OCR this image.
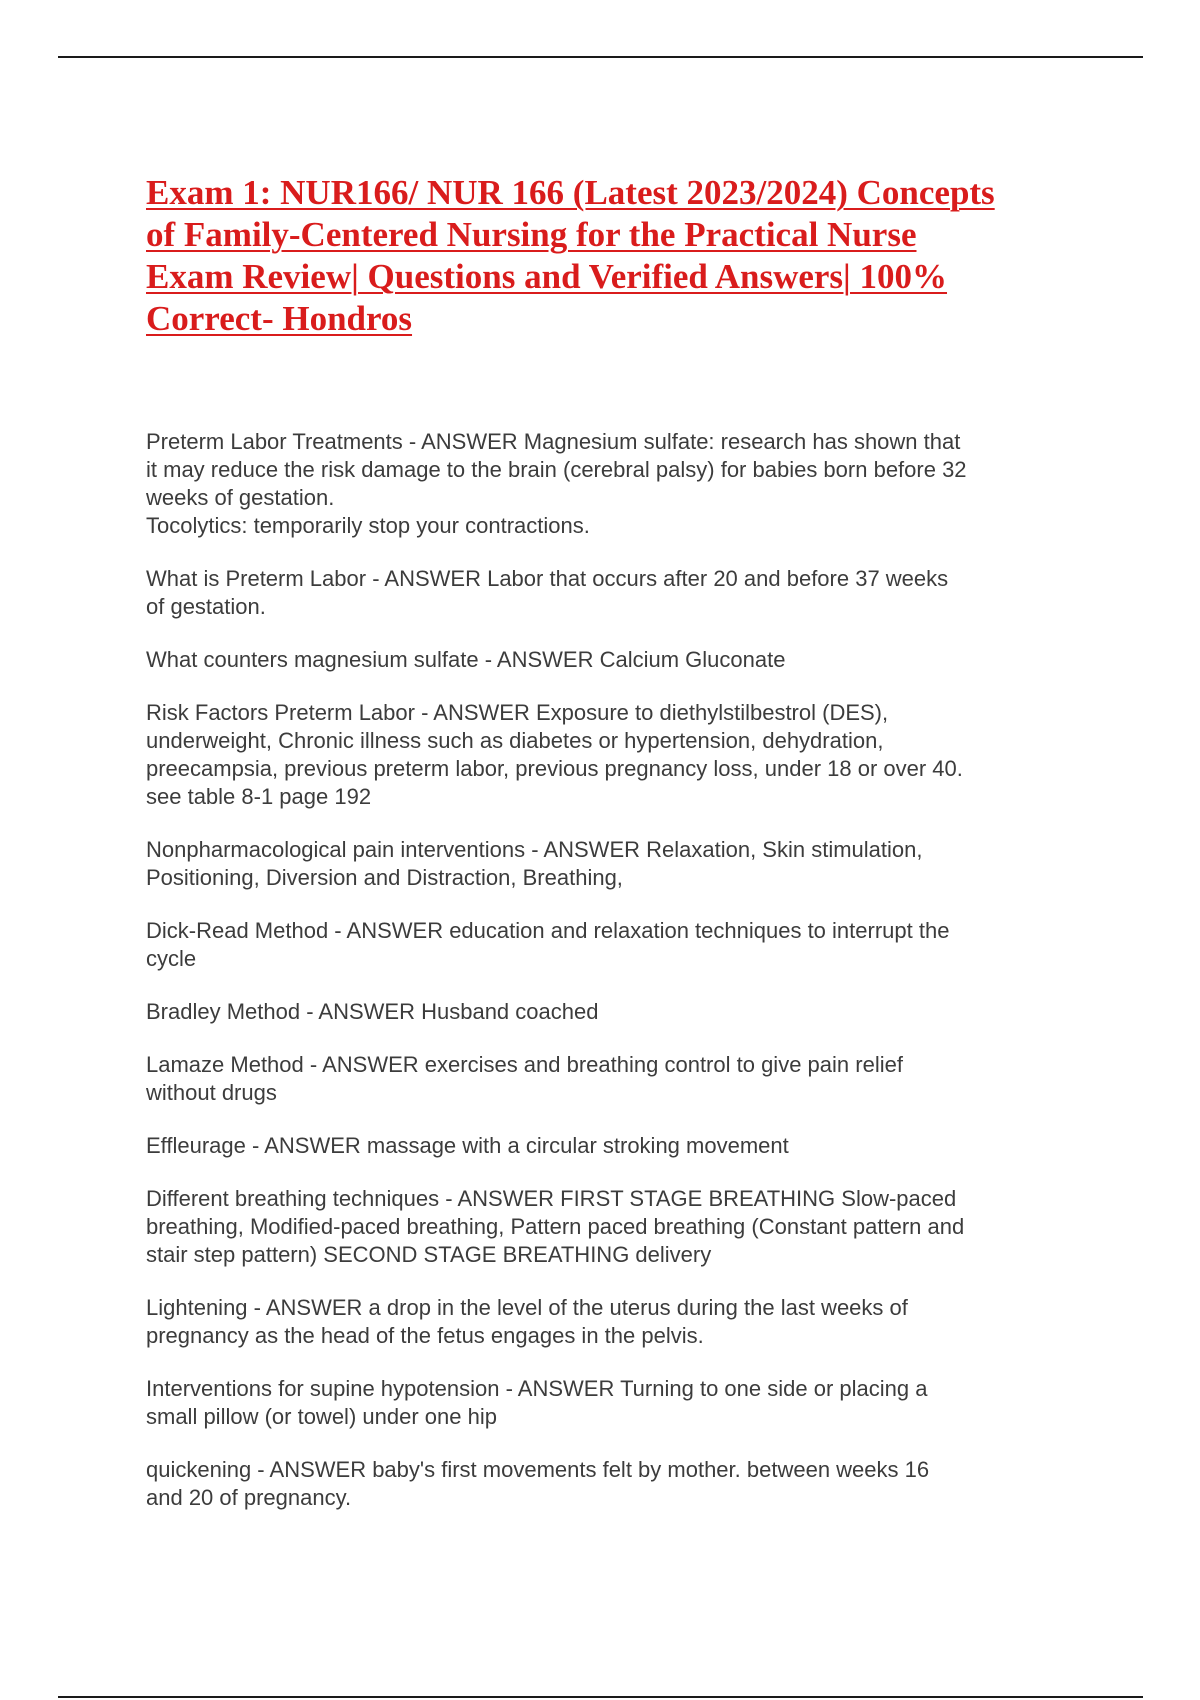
Exam 1: NUR166/ NUR 166 (Latest 2023/2024) Concepts
of Family-Centered Nursing for the Practical Nurse
Exam Review| Questions and Verified Answers| 100%
Correct- Hondros

Preterm Labor Treatments - ANSWER Magnesium sulfate: research has shown that
it may reduce the risk damage to the brain (cerebral palsy) for babies born before 32
weeks of gestation.
Tocolytics: temporarily stop your contractions.

What is Preterm Labor - ANSWER Labor that occurs after 20 and before 37 weeks
of gestation.

What counters magnesium sulfate - ANSWER Calcium Gluconate

Risk Factors Preterm Labor - ANSWER Exposure to diethylstilbestrol (DES),
underweight, Chronic illness such as diabetes or hypertension, dehydration,
preecampsia, previous preterm labor, previous pregnancy loss, under 18 or over 40.
see table 8-1 page 192

Nonpharmacological pain interventions - ANSWER Relaxation, Skin stimulation,
Positioning, Diversion and Distraction, Breathing,

Dick-Read Method - ANSWER education and relaxation techniques to interrupt the
cycle

Bradley Method - ANSWER Husband coached

Lamaze Method - ANSWER exercises and breathing control to give pain relief
without drugs

Effleurage - ANSWER massage with a circular stroking movement

Different breathing techniques - ANSWER FIRST STAGE BREATHING Slow-paced
breathing, Modified-paced breathing, Pattern paced breathing (Constant pattern and
stair step pattern) SECOND STAGE BREATHING delivery

Lightening - ANSWER a drop in the level of the uterus during the last weeks of
pregnancy as the head of the fetus engages in the pelvis.

Interventions for supine hypotension - ANSWER Turning to one side or placing a
small pillow (or towel) under one hip

quickening - ANSWER baby's first movements felt by mother. between weeks 16
and 20 of pregnancy.
